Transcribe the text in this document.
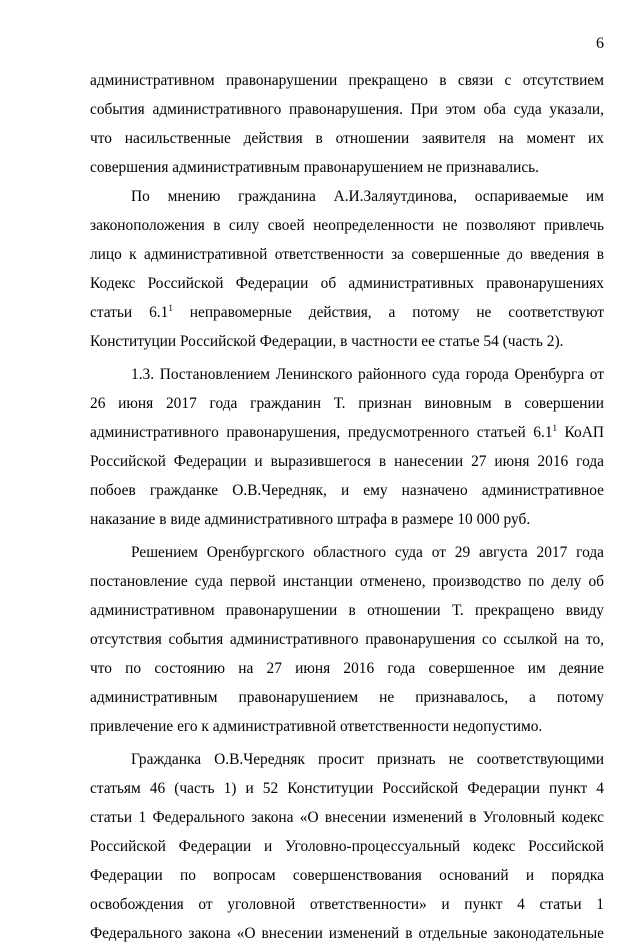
6
административном правонарушении прекращено в связи с отсутствием
события административного правонарушения. При этом оба суда указали,
что насильственные действия в отношении заявителя на момент их
совершения административным правонарушением не признавались.
По мнению гражданина А.И.Заляутдинова, оспариваемые им
законоположения в силу своей неопределенности не позволяют привлечь
лицо к административной ответственности за совершенные до введения в
Кодекс Российской Федерации об административных правонарушениях
статьи $6.1^1$ неправомерные действия, а потому не соответствуют
Конституции Российской Федерации, в частности ее статье 54 (часть 2).
1.3. Постановлением Ленинского районного суда города Оренбурга от
26 июня 2017 года гражданин Т. признан виновным в совершении
административного правонарушения, предусмотренного статьей $6.1^1$ КоАП
Российской Федерации и выразившегося в нанесении 27 июня 2016 года
побоев гражданке О.В.Чередняк, и ему назначено административное
наказание в виде административного штрафа в размере 10 000 руб.
Решением Оренбургского областного суда от 29 августа 2017 года
постановление суда первой инстанции отменено, производство по делу об
административном правонарушении в отношении Т. прекращено ввиду
отсутствия события административного правонарушения со ссылкой на то,
что по состоянию на 27 июня 2016 года совершенное им деяние
административным правонарушением не признавалось, а потому
привлечение его к административной ответственности недопустимо.
Гражданка О.В.Чередняк просит признать не соответствующими
статьям 46 (часть 1) и 52 Конституции Российской Федерации пункт 4
статьи 1 Федерального закона «О внесении изменений в Уголовный кодекс
Российской Федерации и Уголовно-процессуальный кодекс Российской
Федерации по вопросам совершенствования оснований и порядка
освобождения от уголовной ответственности» и пункт 4 статьи 1
Федерального закона «О внесении изменений в отдельные законодательные
